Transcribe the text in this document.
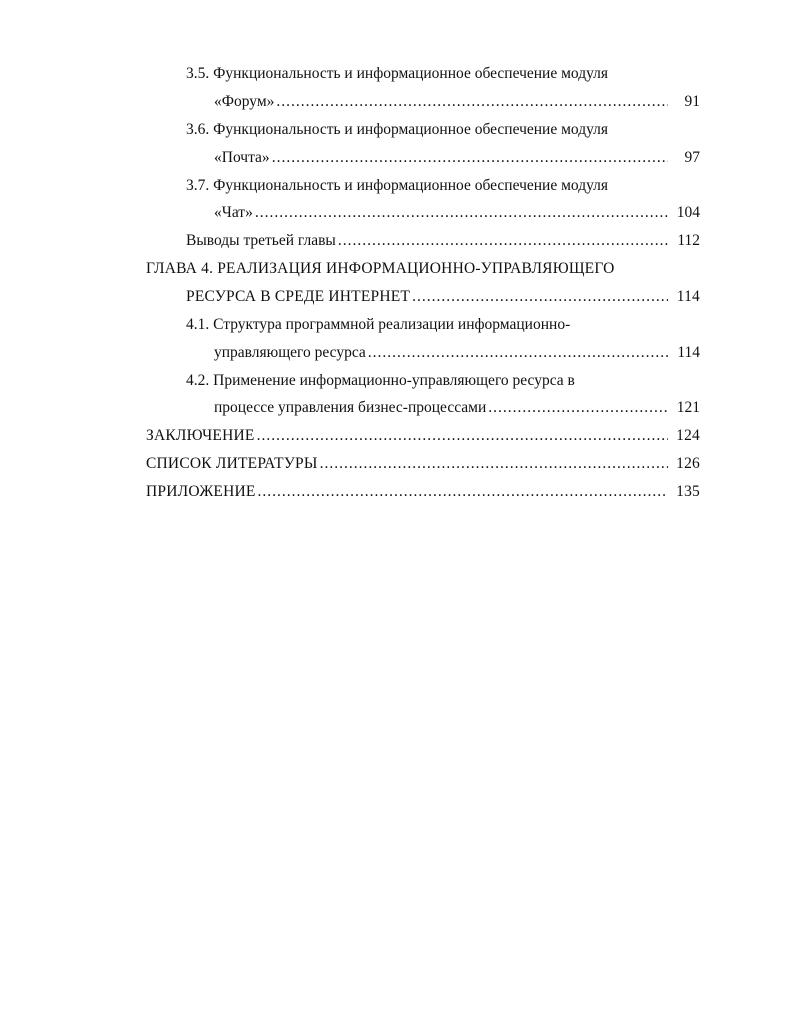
3.5. Функциональность и информационное обеспечение модуля
«Форум» .....	91
3.6. Функциональность и информационное обеспечение модуля
«Почта» .....	97
3.7. Функциональность и информационное обеспечение модуля
«Чат» .....	104
Выводы третьей главы .....	112
ГЛАВА 4. РЕАЛИЗАЦИЯ ИНФОРМАЦИОННО-УПРАВЛЯЮЩЕГО
РЕСУРСА В СРЕДЕ ИНТЕРНЕТ .....	114
4.1. Структура программной реализации информационно-
управляющего ресурса .....	114
4.2. Применение информационно-управляющего ресурса в
процессе управления бизнес-процессами .....	121
ЗАКЛЮЧЕНИЕ .....	124
СПИСОК ЛИТЕРАТУРЫ .....	126
ПРИЛОЖЕНИЕ .....	135
